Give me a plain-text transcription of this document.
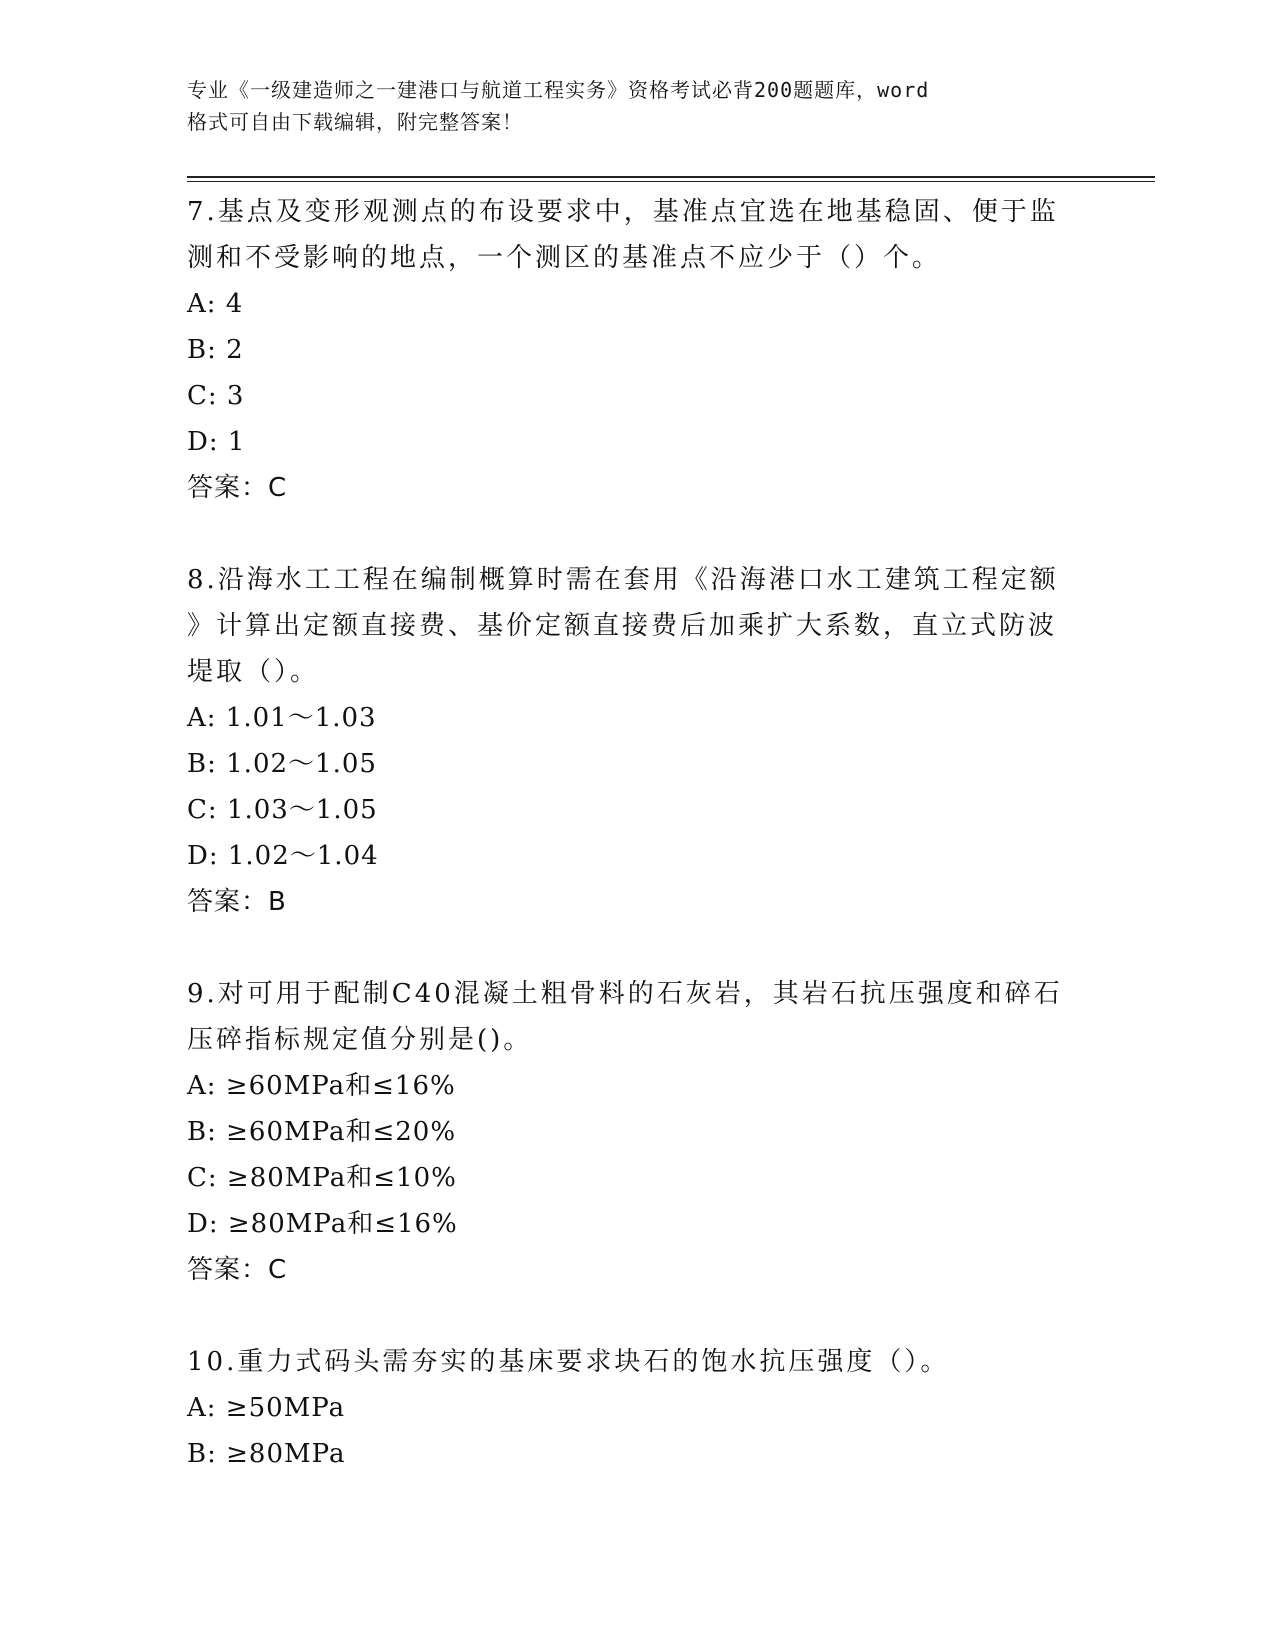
专业《一级建造师之一建港口与航道工程实务》资格考试必背200题题库，word
格式可自由下载编辑，附完整答案！

7.基点及变形观测点的布设要求中，基准点宜选在地基稳固、便于监

测和不受影响的地点，一个测区的基准点不应少于（）个。

A: 4

B: 2

C: 3

D: 1

答案：C

8.沿海水工工程在编制概算时需在套用《沿海港口水工建筑工程定额

》计算出定额直接费、基价定额直接费后加乘扩大系数，直立式防波

堤取（）。

A: 1.01～1.03

B: 1.02～1.05

C: 1.03～1.05

D: 1.02～1.04

答案：B

9.对可用于配制C40混凝土粗骨料的石灰岩，其岩石抗压强度和碎石

压碎指标规定值分别是()。

A: ≥60MPa和≤16%

B: ≥60MPa和≤20%

C: ≥80MPa和≤10%

D: ≥80MPa和≤16%

答案：C

10.重力式码头需夯实的基床要求块石的饱水抗压强度（）。

A: ≥50MPa

B: ≥80MPa
